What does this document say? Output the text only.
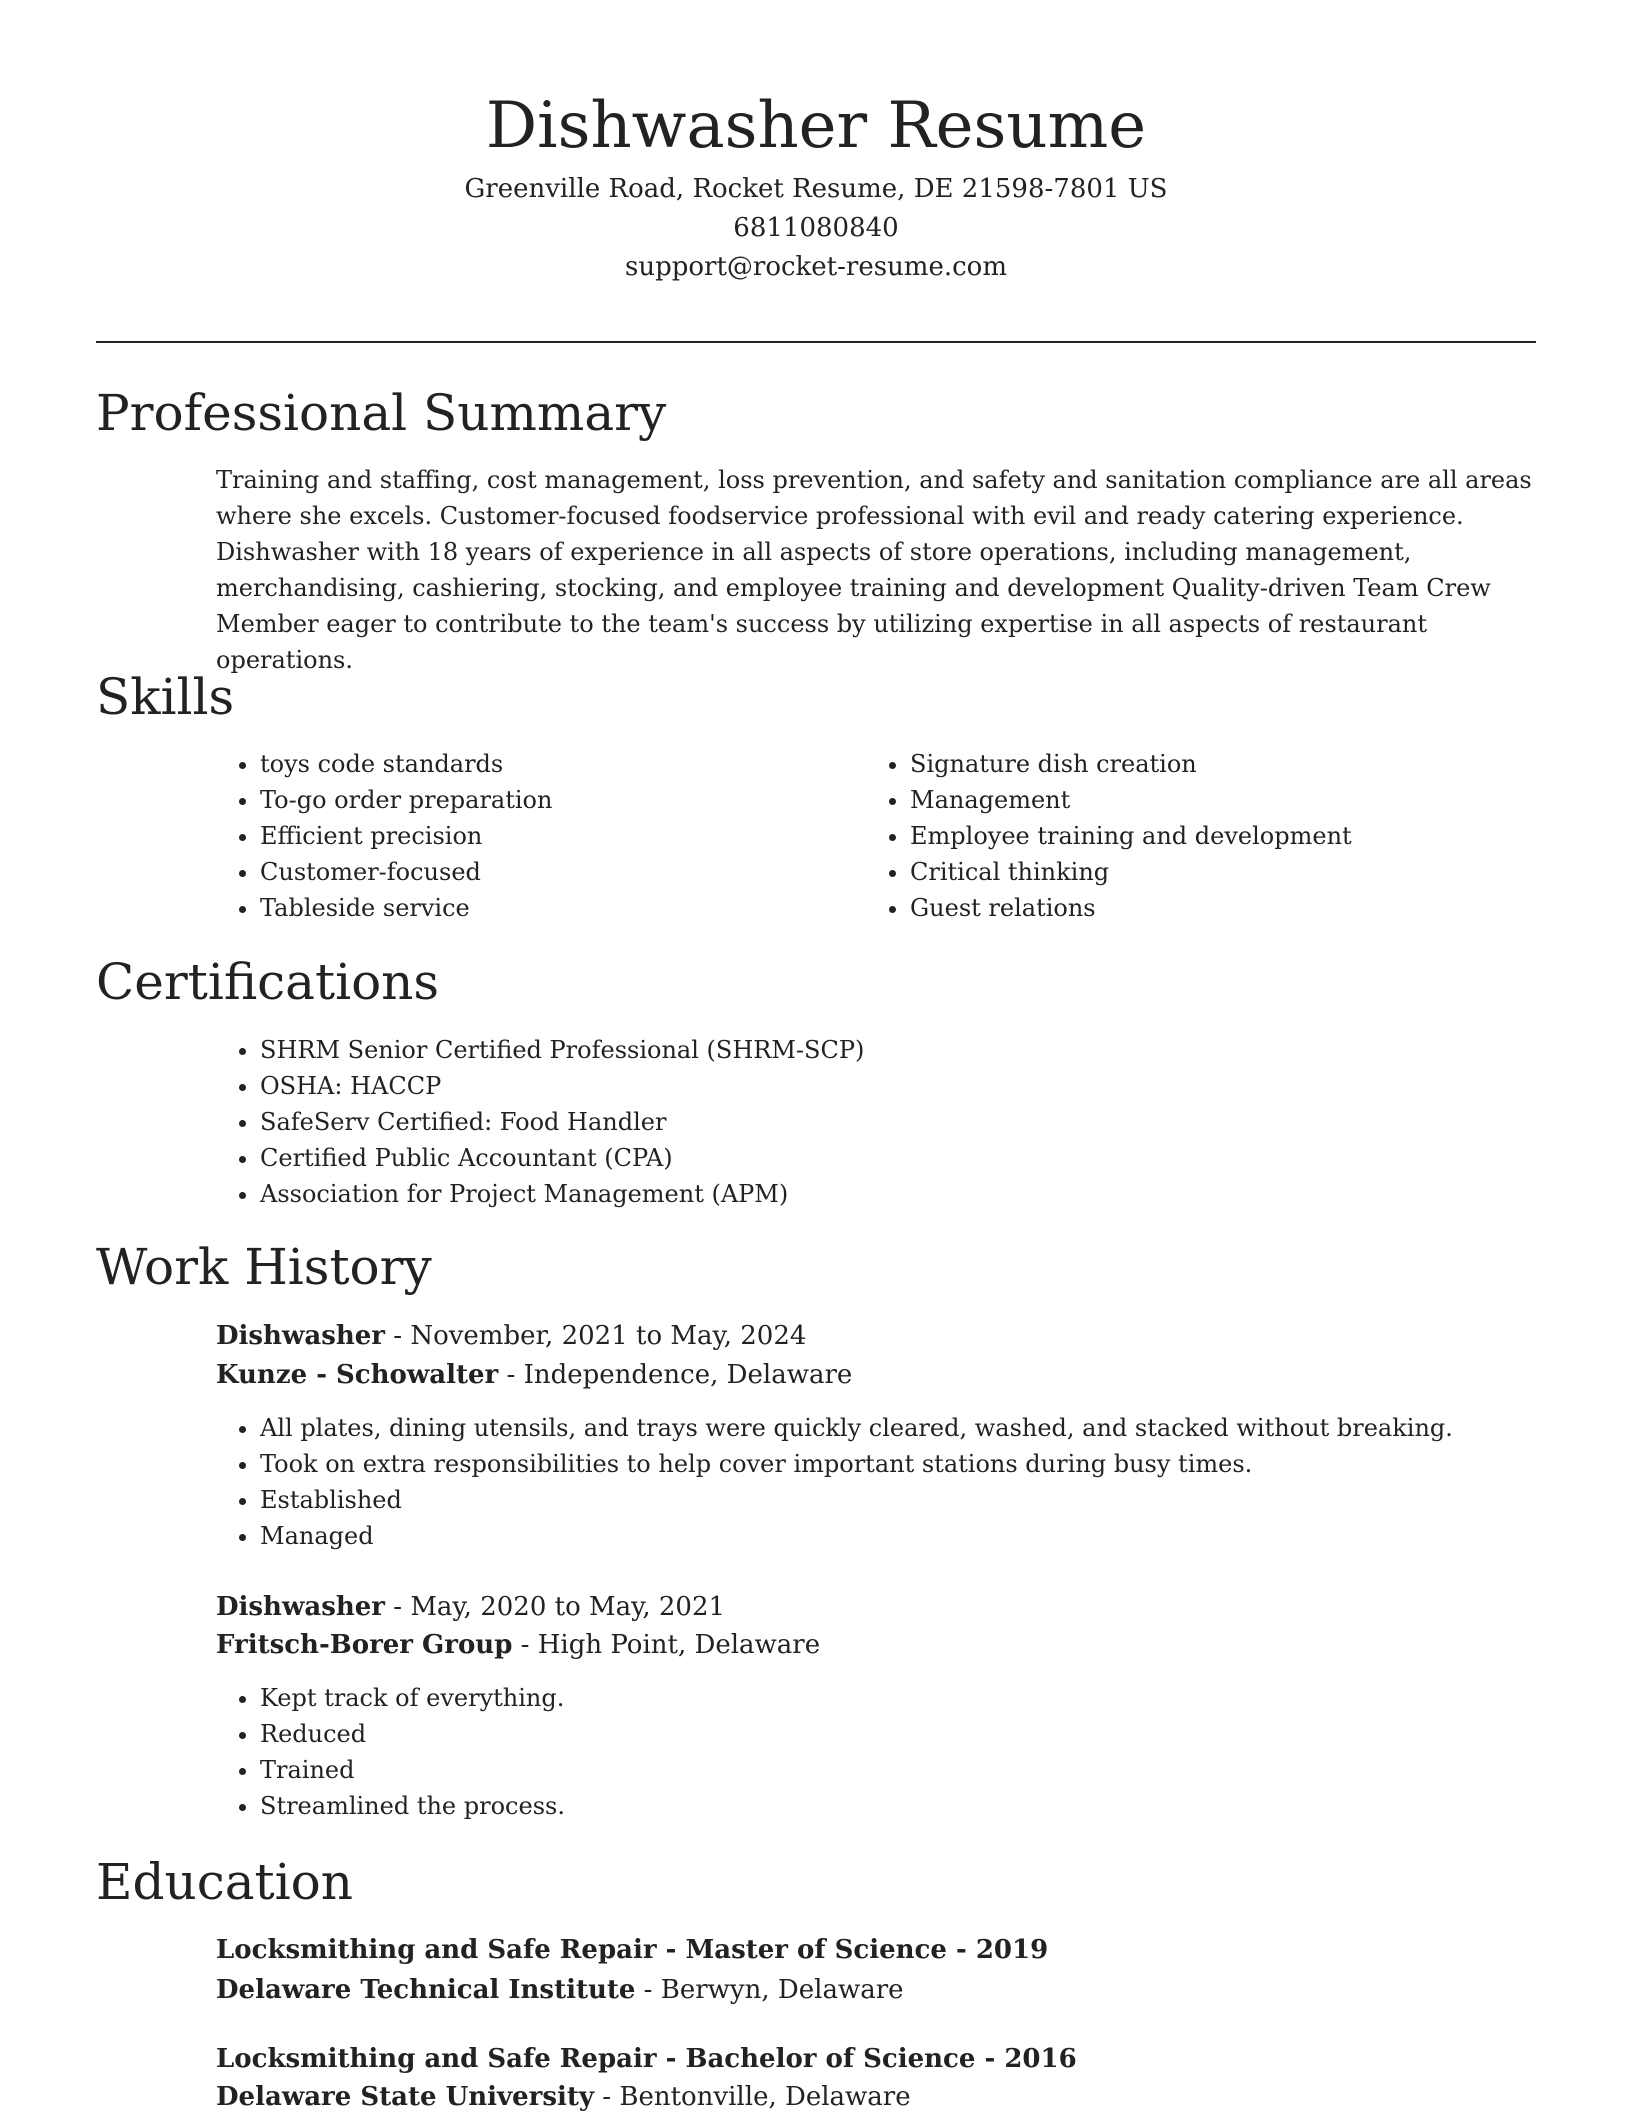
Dishwasher Resume
Greenville Road, Rocket Resume, DE 21598-7801 US
6811080840
support@rocket-resume.com
Professional Summary

Training and staffing, cost management, loss prevention, and safety and sanitation compliance are all areas where she excels. Customer-focused foodservice professional with evil and ready catering experience. Dishwasher with 18 years of experience in all aspects of store operations, including management, merchandising, cashiering, stocking, and employee training and development Quality-driven Team Crew Member eager to contribute to the team's success by utilizing expertise in all aspects of restaurant operations.

Skills
• toys code standards
• To-go order preparation
• Efficient precision
• Customer-focused
• Tableside service
• Signature dish creation
• Management
• Employee training and development
• Critical thinking
• Guest relations
Certifications
• SHRM Senior Certified Professional (SHRM-SCP)
• OSHA: HACCP
• SafeServ Certified: Food Handler
• Certified Public Accountant (CPA)
• Association for Project Management (APM)
Work History
Dishwasher - November, 2021 to May, 2024
Kunze - Schowalter - Independence, Delaware
• All plates, dining utensils, and trays were quickly cleared, washed, and stacked without breaking.
• Took on extra responsibilities to help cover important stations during busy times.
• Established
• Managed
Dishwasher - May, 2020 to May, 2021
Fritsch-Borer Group - High Point, Delaware
• Kept track of everything.
• Reduced
• Trained
• Streamlined the process.
Education
Locksmithing and Safe Repair - Master of Science - 2019
Delaware Technical Institute - Berwyn, Delaware
Locksmithing and Safe Repair - Bachelor of Science - 2016
Delaware State University - Bentonville, Delaware
